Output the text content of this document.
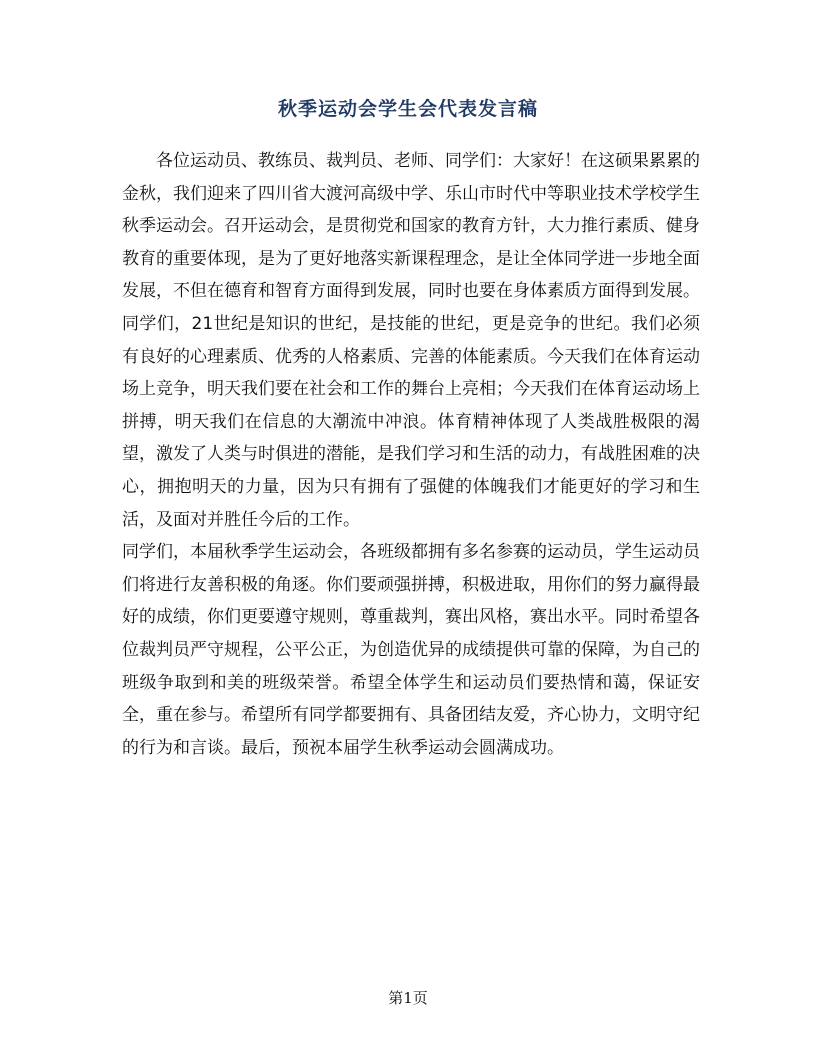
秋季运动会学生会代表发言稿

各位运动员、教练员、裁判员、老师、同学们：大家好！在这硕果累累的金秋，我们迎来了四川省大渡河高级中学、乐山市时代中等职业技术学校学生秋季运动会。召开运动会，是贯彻党和国家的教育方针，大力推行素质、健身教育的重要体现，是为了更好地落实新课程理念，是让全体同学进一步地全面发展，不但在德育和智育方面得到发展，同时也要在身体素质方面得到发展。

同学们，21世纪是知识的世纪，是技能的世纪，更是竞争的世纪。我们必须有良好的心理素质、优秀的人格素质、完善的体能素质。今天我们在体育运动场上竞争，明天我们要在社会和工作的舞台上亮相；今天我们在体育运动场上拼搏，明天我们在信息的大潮流中冲浪。体育精神体现了人类战胜极限的渴望，激发了人类与时俱进的潜能，是我们学习和生活的动力，有战胜困难的决心，拥抱明天的力量，因为只有拥有了强健的体魄我们才能更好的学习和生活，及面对并胜任今后的工作。

同学们，本届秋季学生运动会，各班级都拥有多名参赛的运动员，学生运动员们将进行友善积极的角逐。你们要顽强拼搏，积极进取，用你们的努力赢得最好的成绩，你们更要遵守规则，尊重裁判，赛出风格，赛出水平。同时希望各位裁判员严守规程，公平公正，为创造优异的成绩提供可靠的保障，为自己的班级争取到和美的班级荣誉。希望全体学生和运动员们要热情和蔼，保证安全，重在参与。希望所有同学都要拥有、具备团结友爱，齐心协力，文明守纪的行为和言谈。最后，预祝本届学生秋季运动会圆满成功。

第1页
